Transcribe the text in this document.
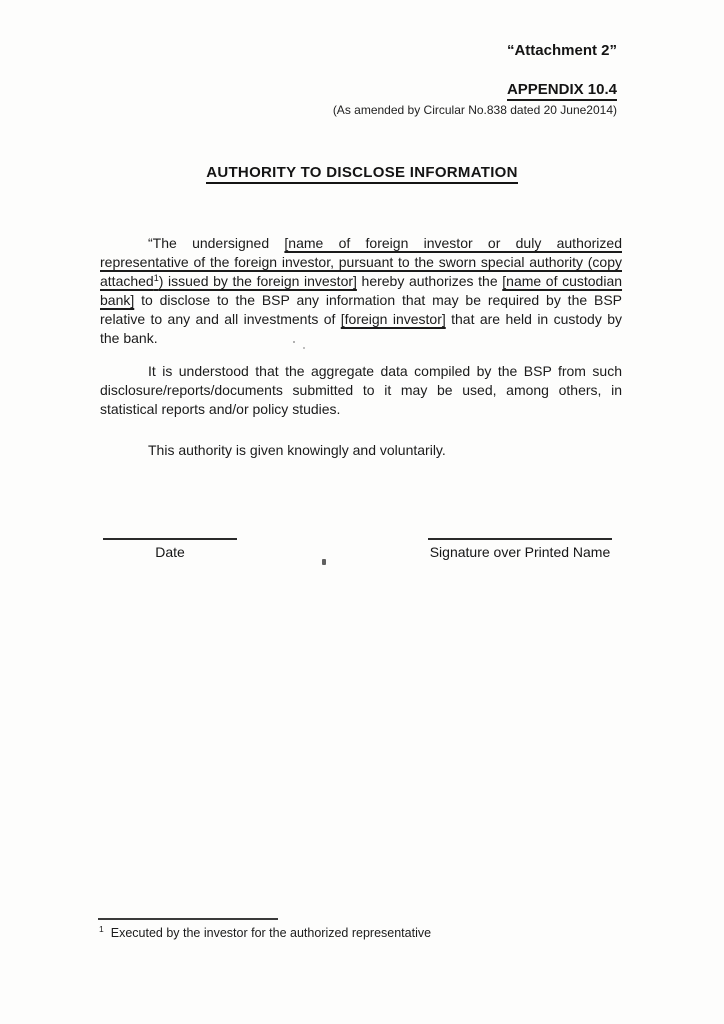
“Attachment 2”
APPENDIX 10.4
(As amended by Circular No.838 dated 20 June2014)
AUTHORITY TO DISCLOSE INFORMATION

“The undersigned [name of foreign investor or duly authorized representative of the foreign investor, pursuant to the sworn special authority (copy attached$^1$) issued by the foreign investor] hereby authorizes the [name of custodian bank] to disclose to the BSP any information that may be required by the BSP relative to any and all investments of [foreign investor] that are held in custody by the bank.

It is understood that the aggregate data compiled by the BSP from such disclosure/reports/documents submitted to it may be used, among others, in statistical reports and/or policy studies.

This authority is given knowingly and voluntarily.

Date	Signature over Printed Name
$^1$ Executed by the investor for the authorized representative
